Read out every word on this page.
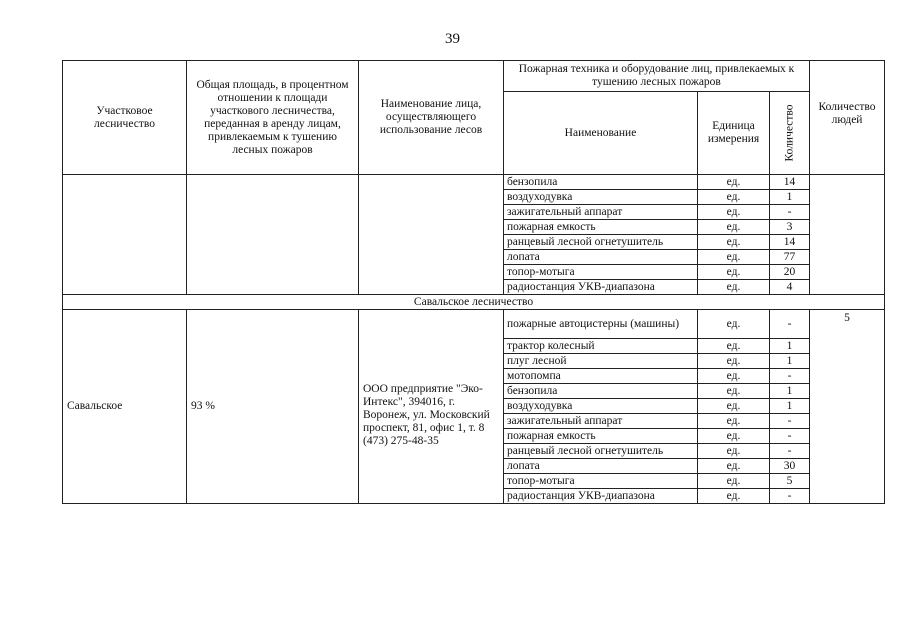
39
Участковое лесничество	Общая площадь, в процентном отношении к площади участкового лесничества, переданная в аренду лицам, привлекаемым к тушению лесных пожаров	Наименование лица, осуществляющего использование лесов	Пожарная техника и оборудование лиц, привлекаемых к тушению лесных пожаров			Количество людей
			Наименование	Единица измерения	Количество	

			бензопила	ед.	14	
			воздуходувка	ед.	1	
			зажигательный аппарат	ед.	-	
			пожарная емкость	ед.	3	
			ранцевый лесной огнетушитель	ед.	14	
			лопата	ед.	77	
			топор-мотыга	ед.	20	
			радиостанция УКВ-диапазона	ед.	4	
Савальское лесничество						
Савальское	93 %	ООО предприятие "Эко-Интекс", 394016, г. Воронеж, ул. Московский проспект, 81, офис 1, т. 8 (473) 275-48-35	пожарные автоцистерны (машины)	ед.	-	5
			трактор колесный	ед.	1	
			плуг лесной	ед.	1	
			мотопомпа	ед.	-	
			бензопила	ед.	1	
			воздуходувка	ед.	1	
			зажигательный аппарат	ед.	-	
			пожарная емкость	ед.	-	
			ранцевый лесной огнетушитель	ед.	-	
			лопата	ед.	30	
			топор-мотыга	ед.	5	
			радиостанция УКВ-диапазона	ед.	-	
